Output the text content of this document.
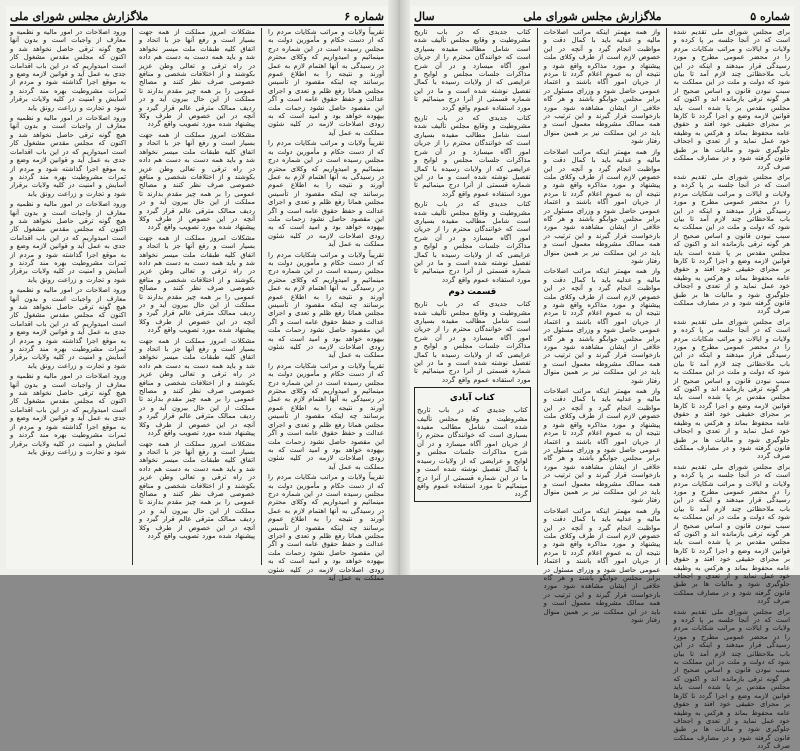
شماره ۵
ملاگزارش مجلس شورای ملی
سال
برای مجلس شورای ملی تقدیم شده است که در آنجا جلسه بر پا کرده و ولایات و ایالات و مراتب شکایات مردم را در محضر عمومی مطرح و مورد رسیدگی قرار میدهند و اینکه در این باب ملاحظاتی چند لازم آمد تا بیان شود که دولت و ملت در این مملکت به سبب نبودن قانون و اساس صحیح از هر گونه ترقی بازمانده اند و اکنون که مجلس مقدس بر پا شده است باید قوانین لازمه وضع و اجرا گردد تا کارها بر مجرای حقیقی خود افتد و حقوق عامه محفوظ بماند و هرکس به وظیفه خود عمل نماید و از تعدی و اجحاف جلوگیری شود و مالیات ها بر طبق قانون گرفته شود و در مصارف مملکت صرف گردد
برای مجلس شورای ملی تقدیم شده است که در آنجا جلسه بر پا کرده و ولایات و ایالات و مراتب شکایات مردم را در محضر عمومی مطرح و مورد رسیدگی قرار میدهند و اینکه در این باب ملاحظاتی چند لازم آمد تا بیان شود که دولت و ملت در این مملکت به سبب نبودن قانون و اساس صحیح از هر گونه ترقی بازمانده اند و اکنون که مجلس مقدس بر پا شده است باید قوانین لازمه وضع و اجرا گردد تا کارها بر مجرای حقیقی خود افتد و حقوق عامه محفوظ بماند و هرکس به وظیفه خود عمل نماید و از تعدی و اجحاف جلوگیری شود و مالیات ها بر طبق قانون گرفته شود و در مصارف مملکت صرف گردد
برای مجلس شورای ملی تقدیم شده است که در آنجا جلسه بر پا کرده و ولایات و ایالات و مراتب شکایات مردم را در محضر عمومی مطرح و مورد رسیدگی قرار میدهند و اینکه در این باب ملاحظاتی چند لازم آمد تا بیان شود که دولت و ملت در این مملکت به سبب نبودن قانون و اساس صحیح از هر گونه ترقی بازمانده اند و اکنون که مجلس مقدس بر پا شده است باید قوانین لازمه وضع و اجرا گردد تا کارها بر مجرای حقیقی خود افتد و حقوق عامه محفوظ بماند و هرکس به وظیفه خود عمل نماید و از تعدی و اجحاف جلوگیری شود و مالیات ها بر طبق قانون گرفته شود و در مصارف مملکت صرف گردد
برای مجلس شورای ملی تقدیم شده است که در آنجا جلسه بر پا کرده و ولایات و ایالات و مراتب شکایات مردم را در محضر عمومی مطرح و مورد رسیدگی قرار میدهند و اینکه در این باب ملاحظاتی چند لازم آمد تا بیان شود که دولت و ملت در این مملکت به سبب نبودن قانون و اساس صحیح از هر گونه ترقی بازمانده اند و اکنون که مجلس مقدس بر پا شده است باید قوانین لازمه وضع و اجرا گردد تا کارها بر مجرای حقیقی خود افتد و حقوق عامه محفوظ بماند و هرکس به وظیفه خود عمل نماید و از تعدی و اجحاف جلوگیری شود و مالیات ها بر طبق قانون گرفته شود و در مصارف مملکت صرف گردد
برای مجلس شورای ملی تقدیم شده است که در آنجا جلسه بر پا کرده و ولایات و ایالات و مراتب شکایات مردم را در محضر عمومی مطرح و مورد رسیدگی قرار میدهند و اینکه در این باب ملاحظاتی چند لازم آمد تا بیان شود که دولت و ملت در این مملکت به سبب نبودن قانون و اساس صحیح از هر گونه ترقی بازمانده اند و اکنون که مجلس مقدس بر پا شده است باید قوانین لازمه وضع و اجرا گردد تا کارها بر مجرای حقیقی خود افتد و حقوق عامه محفوظ بماند و هرکس به وظیفه خود عمل نماید و از تعدی و اجحاف جلوگیری شود و مالیات ها بر طبق قانون گرفته شود و در مصارف مملکت صرف گردد
واز همه مهمتر اینکه مراتب اصلاحات مالیه و عدلیه باید با کمال دقت و مواظبت انجام گیرد و آنچه در این خصوص لازم است از طرف وکلای ملت پیشنهاد و مورد مذاکره واقع شود و نتیجه آن به عموم اعلام گردد تا مردم از جریان امور آگاه باشند و اعتماد عمومی حاصل شود و وزرای مسئول در برابر مجلس جوابگو باشند و هر گاه خلافی از ایشان مشاهده شود مورد بازخواست قرار گیرند و این ترتیب در همه ممالک مشروطه معمول است و باید در این مملکت نیز بر همین منوال رفتار شود
واز همه مهمتر اینکه مراتب اصلاحات مالیه و عدلیه باید با کمال دقت و مواظبت انجام گیرد و آنچه در این خصوص لازم است از طرف وکلای ملت پیشنهاد و مورد مذاکره واقع شود و نتیجه آن به عموم اعلام گردد تا مردم از جریان امور آگاه باشند و اعتماد عمومی حاصل شود و وزرای مسئول در برابر مجلس جوابگو باشند و هر گاه خلافی از ایشان مشاهده شود مورد بازخواست قرار گیرند و این ترتیب در همه ممالک مشروطه معمول است و باید در این مملکت نیز بر همین منوال رفتار شود
واز همه مهمتر اینکه مراتب اصلاحات مالیه و عدلیه باید با کمال دقت و مواظبت انجام گیرد و آنچه در این خصوص لازم است از طرف وکلای ملت پیشنهاد و مورد مذاکره واقع شود و نتیجه آن به عموم اعلام گردد تا مردم از جریان امور آگاه باشند و اعتماد عمومی حاصل شود و وزرای مسئول در برابر مجلس جوابگو باشند و هر گاه خلافی از ایشان مشاهده شود مورد بازخواست قرار گیرند و این ترتیب در همه ممالک مشروطه معمول است و باید در این مملکت نیز بر همین منوال رفتار شود
واز همه مهمتر اینکه مراتب اصلاحات مالیه و عدلیه باید با کمال دقت و مواظبت انجام گیرد و آنچه در این خصوص لازم است از طرف وکلای ملت پیشنهاد و مورد مذاکره واقع شود و نتیجه آن به عموم اعلام گردد تا مردم از جریان امور آگاه باشند و اعتماد عمومی حاصل شود و وزرای مسئول در برابر مجلس جوابگو باشند و هر گاه خلافی از ایشان مشاهده شود مورد بازخواست قرار گیرند و این ترتیب در همه ممالک مشروطه معمول است و باید در این مملکت نیز بر همین منوال رفتار شود
واز همه مهمتر اینکه مراتب اصلاحات مالیه و عدلیه باید با کمال دقت و مواظبت انجام گیرد و آنچه در این خصوص لازم است از طرف وکلای ملت پیشنهاد و مورد مذاکره واقع شود و نتیجه آن به عموم اعلام گردد تا مردم از جریان امور آگاه باشند و اعتماد عمومی حاصل شود و وزرای مسئول در برابر مجلس جوابگو باشند و هر گاه خلافی از ایشان مشاهده شود مورد بازخواست قرار گیرند و این ترتیب در همه ممالک مشروطه معمول است و باید در این مملکت نیز بر همین منوال رفتار شود
کتاب جدیدی که در باب تاریخ مشروطیت و وقایع مجلس تألیف شده است شامل مطالب مفیده بسیاری است که خوانندگان محترم را از جریان امور آگاه میسازد و در آن شرح مذاکرات جلسات مجلس و لوایح و عرایضی که از ولایات رسیده با کمال تفصیل نوشته شده است و ما در این شماره قسمتی از آنرا درج مینمائیم تا مورد استفاده عموم واقع گردد
کتاب جدیدی که در باب تاریخ مشروطیت و وقایع مجلس تألیف شده است شامل مطالب مفیده بسیاری است که خوانندگان محترم را از جریان امور آگاه میسازد و در آن شرح مذاکرات جلسات مجلس و لوایح و عرایضی که از ولایات رسیده با کمال تفصیل نوشته شده است و ما در این شماره قسمتی از آنرا درج مینمائیم تا مورد استفاده عموم واقع گردد
کتاب جدیدی که در باب تاریخ مشروطیت و وقایع مجلس تألیف شده است شامل مطالب مفیده بسیاری است که خوانندگان محترم را از جریان امور آگاه میسازد و در آن شرح مذاکرات جلسات مجلس و لوایح و عرایضی که از ولایات رسیده با کمال تفصیل نوشته شده است و ما در این شماره قسمتی از آنرا درج مینمائیم تا مورد استفاده عموم واقع گردد
قسمت دوم
کتاب جدیدی که در باب تاریخ مشروطیت و وقایع مجلس تألیف شده است شامل مطالب مفیده بسیاری است که خوانندگان محترم را از جریان امور آگاه میسازد و در آن شرح مذاکرات جلسات مجلس و لوایح و عرایضی که از ولایات رسیده با کمال تفصیل نوشته شده است و ما در این شماره قسمتی از آنرا درج مینمائیم تا مورد استفاده عموم واقع گردد
کتاب آبادی
کتاب جدیدی که در باب تاریخ مشروطیت و وقایع مجلس تألیف شده است شامل مطالب مفیده بسیاری است که خوانندگان محترم را از جریان امور آگاه میسازد و در آن شرح مذاکرات جلسات مجلس و لوایح و عرایضی که از ولایات رسیده با کمال تفصیل نوشته شده است و ما در این شماره قسمتی از آنرا درج مینمائیم تا مورد استفاده عموم واقع گردد
شماره ۶
ملاگزارش مجلس شورای ملی
تقریباً ولایات و مراتب شکایات مردم را که از دست حکام و مأمورین دولت به مجلس رسیده است در این شماره درج مینمائیم و امیدواریم که وکلای محترم در رسیدگی به آنها اهتمام لازم به عمل آورند و نتیجه را به اطلاع عموم برسانند چه اینکه مقصود از تأسیس مجلس همانا رفع ظلم و تعدی و اجرای عدالت و حفظ حقوق عامه است و اگر این مقصود حاصل نشود زحمات ملت بیهوده خواهد بود و امید است که به زودی اصلاحات لازمه در کلیه شئون مملکت به عمل آید
تقریباً ولایات و مراتب شکایات مردم را که از دست حکام و مأمورین دولت به مجلس رسیده است در این شماره درج مینمائیم و امیدواریم که وکلای محترم در رسیدگی به آنها اهتمام لازم به عمل آورند و نتیجه را به اطلاع عموم برسانند چه اینکه مقصود از تأسیس مجلس همانا رفع ظلم و تعدی و اجرای عدالت و حفظ حقوق عامه است و اگر این مقصود حاصل نشود زحمات ملت بیهوده خواهد بود و امید است که به زودی اصلاحات لازمه در کلیه شئون مملکت به عمل آید
تقریباً ولایات و مراتب شکایات مردم را که از دست حکام و مأمورین دولت به مجلس رسیده است در این شماره درج مینمائیم و امیدواریم که وکلای محترم در رسیدگی به آنها اهتمام لازم به عمل آورند و نتیجه را به اطلاع عموم برسانند چه اینکه مقصود از تأسیس مجلس همانا رفع ظلم و تعدی و اجرای عدالت و حفظ حقوق عامه است و اگر این مقصود حاصل نشود زحمات ملت بیهوده خواهد بود و امید است که به زودی اصلاحات لازمه در کلیه شئون مملکت به عمل آید
تقریباً ولایات و مراتب شکایات مردم را که از دست حکام و مأمورین دولت به مجلس رسیده است در این شماره درج مینمائیم و امیدواریم که وکلای محترم در رسیدگی به آنها اهتمام لازم به عمل آورند و نتیجه را به اطلاع عموم برسانند چه اینکه مقصود از تأسیس مجلس همانا رفع ظلم و تعدی و اجرای عدالت و حفظ حقوق عامه است و اگر این مقصود حاصل نشود زحمات ملت بیهوده خواهد بود و امید است که به زودی اصلاحات لازمه در کلیه شئون مملکت به عمل آید
تقریباً ولایات و مراتب شکایات مردم را که از دست حکام و مأمورین دولت به مجلس رسیده است در این شماره درج مینمائیم و امیدواریم که وکلای محترم در رسیدگی به آنها اهتمام لازم به عمل آورند و نتیجه را به اطلاع عموم برسانند چه اینکه مقصود از تأسیس مجلس همانا رفع ظلم و تعدی و اجرای عدالت و حفظ حقوق عامه است و اگر این مقصود حاصل نشود زحمات ملت بیهوده خواهد بود و امید است که به زودی اصلاحات لازمه در کلیه شئون مملکت به عمل آید
مشکلات امروز مملکت از همه جهت بسیار است و رفع آنها جز با اتحاد و اتفاق کلیه طبقات ملت میسر نخواهد شد و باید همه دست به دست هم داده در راه ترقی و تعالی وطن عزیز بکوشند و از اختلافات شخصی و منافع خصوصی صرف نظر کنند و مصالح عمومی را بر همه چیز مقدم بدارند تا مملکت از این حال بیرون آید و در ردیف ممالک مترقی عالم قرار گیرد و آنچه در این خصوص از طرف وکلا پیشنهاد شده مورد تصویب واقع گردد
مشکلات امروز مملکت از همه جهت بسیار است و رفع آنها جز با اتحاد و اتفاق کلیه طبقات ملت میسر نخواهد شد و باید همه دست به دست هم داده در راه ترقی و تعالی وطن عزیز بکوشند و از اختلافات شخصی و منافع خصوصی صرف نظر کنند و مصالح عمومی را بر همه چیز مقدم بدارند تا مملکت از این حال بیرون آید و در ردیف ممالک مترقی عالم قرار گیرد و آنچه در این خصوص از طرف وکلا پیشنهاد شده مورد تصویب واقع گردد
مشکلات امروز مملکت از همه جهت بسیار است و رفع آنها جز با اتحاد و اتفاق کلیه طبقات ملت میسر نخواهد شد و باید همه دست به دست هم داده در راه ترقی و تعالی وطن عزیز بکوشند و از اختلافات شخصی و منافع خصوصی صرف نظر کنند و مصالح عمومی را بر همه چیز مقدم بدارند تا مملکت از این حال بیرون آید و در ردیف ممالک مترقی عالم قرار گیرد و آنچه در این خصوص از طرف وکلا پیشنهاد شده مورد تصویب واقع گردد
مشکلات امروز مملکت از همه جهت بسیار است و رفع آنها جز با اتحاد و اتفاق کلیه طبقات ملت میسر نخواهد شد و باید همه دست به دست هم داده در راه ترقی و تعالی وطن عزیز بکوشند و از اختلافات شخصی و منافع خصوصی صرف نظر کنند و مصالح عمومی را بر همه چیز مقدم بدارند تا مملکت از این حال بیرون آید و در ردیف ممالک مترقی عالم قرار گیرد و آنچه در این خصوص از طرف وکلا پیشنهاد شده مورد تصویب واقع گردد
مشکلات امروز مملکت از همه جهت بسیار است و رفع آنها جز با اتحاد و اتفاق کلیه طبقات ملت میسر نخواهد شد و باید همه دست به دست هم داده در راه ترقی و تعالی وطن عزیز بکوشند و از اختلافات شخصی و منافع خصوصی صرف نظر کنند و مصالح عمومی را بر همه چیز مقدم بدارند تا مملکت از این حال بیرون آید و در ردیف ممالک مترقی عالم قرار گیرد و آنچه در این خصوص از طرف وکلا پیشنهاد شده مورد تصویب واقع گردد
ورود اصلاحات در امور مالیه و نظمیه و معارف از واجبات است و بدون آنها هیچ گونه ترقی حاصل نخواهد شد و اکنون که مجلس مقدس مشغول کار است امیدواریم که در این باب اقدامات جدی به عمل آید و قوانین لازمه وضع و به موقع اجرا گذاشته شود و مردم از ثمرات مشروطیت بهره مند گردند و آسایش و امنیت در کلیه ولایات برقرار شود و تجارت و زراعت رونق یابد
ورود اصلاحات در امور مالیه و نظمیه و معارف از واجبات است و بدون آنها هیچ گونه ترقی حاصل نخواهد شد و اکنون که مجلس مقدس مشغول کار است امیدواریم که در این باب اقدامات جدی به عمل آید و قوانین لازمه وضع و به موقع اجرا گذاشته شود و مردم از ثمرات مشروطیت بهره مند گردند و آسایش و امنیت در کلیه ولایات برقرار شود و تجارت و زراعت رونق یابد
ورود اصلاحات در امور مالیه و نظمیه و معارف از واجبات است و بدون آنها هیچ گونه ترقی حاصل نخواهد شد و اکنون که مجلس مقدس مشغول کار است امیدواریم که در این باب اقدامات جدی به عمل آید و قوانین لازمه وضع و به موقع اجرا گذاشته شود و مردم از ثمرات مشروطیت بهره مند گردند و آسایش و امنیت در کلیه ولایات برقرار شود و تجارت و زراعت رونق یابد
ورود اصلاحات در امور مالیه و نظمیه و معارف از واجبات است و بدون آنها هیچ گونه ترقی حاصل نخواهد شد و اکنون که مجلس مقدس مشغول کار است امیدواریم که در این باب اقدامات جدی به عمل آید و قوانین لازمه وضع و به موقع اجرا گذاشته شود و مردم از ثمرات مشروطیت بهره مند گردند و آسایش و امنیت در کلیه ولایات برقرار شود و تجارت و زراعت رونق یابد
ورود اصلاحات در امور مالیه و نظمیه و معارف از واجبات است و بدون آنها هیچ گونه ترقی حاصل نخواهد شد و اکنون که مجلس مقدس مشغول کار است امیدواریم که در این باب اقدامات جدی به عمل آید و قوانین لازمه وضع و به موقع اجرا گذاشته شود و مردم از ثمرات مشروطیت بهره مند گردند و آسایش و امنیت در کلیه ولایات برقرار شود و تجارت و زراعت رونق یابد
